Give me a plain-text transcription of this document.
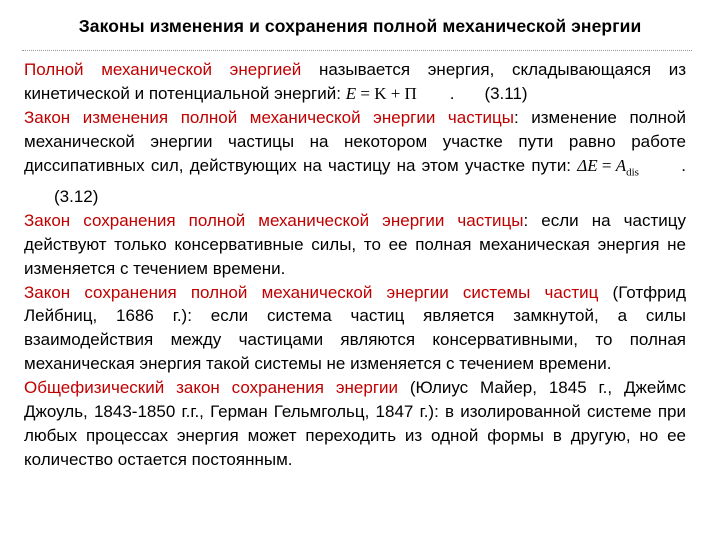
Законы изменения и сохранения полной механической энергии

Полной механической энергией называется энергия, складывающаяся из кинетической и потенциальной энергий: E = K + Π . (3.11)

Закон изменения полной механической энергии частицы: изменение полной механической энергии частицы на некотором участке пути равно работе диссипативных сил, действующих на частицу на этом участке пути: $\Delta E = A_{dis}$ .(3.12)

Закон сохранения полной механической энергии частицы: если на частицу действуют только консервативные силы, то ее полная механическая энергия не изменяется с течением времени.

Закон сохранения полной механической энергии системы частиц (Готфрид Лейбниц, 1686 г.): если система частиц является замкнутой, а силы взаимодействия между частицами являются консервативными, то полная механическая энергия такой системы не изменяется с течением времени.

Общефизический закон сохранения энергии (Юлиус Майер, 1845 г., Джеймс Джоуль, 1843-1850 г.г., Герман Гельмгольц, 1847 г.): в изолированной системе при любых процессах энергия может переходить из одной формы в другую, но ее количество остается постоянным.
